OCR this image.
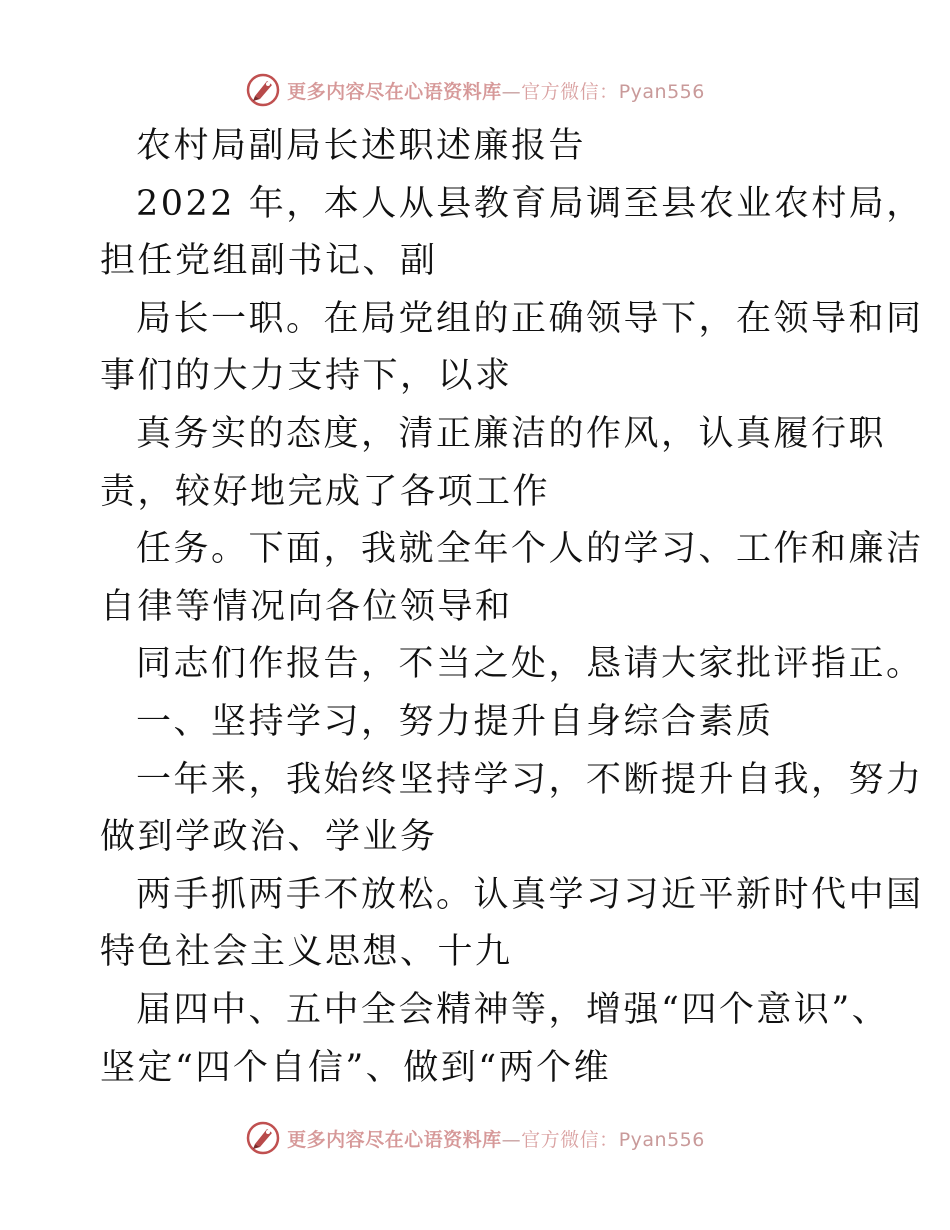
更多内容尽在心语资料库—官方微信：Pyan556
农村局副局长述职述廉报告
2022 年，本人从县教育局调至县农业农村局，
担任党组副书记、副
局长一职。在局党组的正确领导下，在领导和同
事们的大力支持下，以求
真务实的态度，清正廉洁的作风，认真履行职
责，较好地完成了各项工作
任务。下面，我就全年个人的学习、工作和廉洁
自律等情况向各位领导和
同志们作报告，不当之处，恳请大家批评指正。
一、坚持学习，努力提升自身综合素质
一年来，我始终坚持学习，不断提升自我，努力
做到学政治、学业务
两手抓两手不放松。认真学习习近平新时代中国
特色社会主义思想、十九
届四中、五中全会精神等，增强“四个意识”、
坚定“四个自信”、做到“两个维
更多内容尽在心语资料库—官方微信：Pyan556
